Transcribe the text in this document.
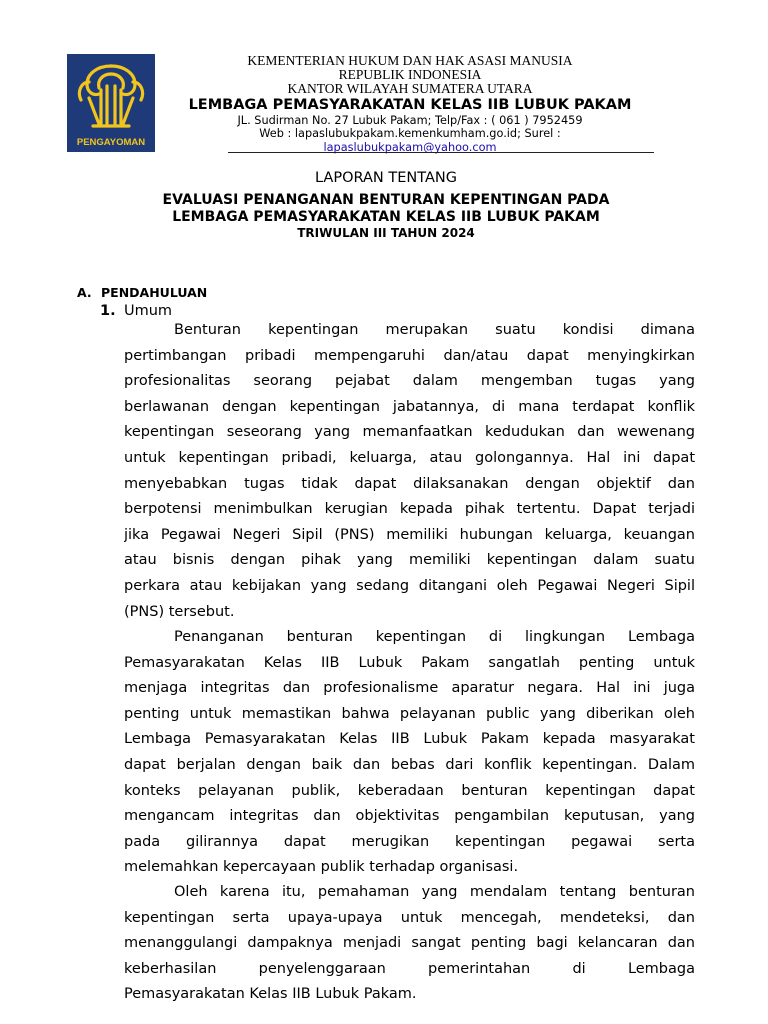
PENGAYOMAN
KEMENTERIAN HUKUM DAN HAK ASASI MANUSIA
REPUBLIK INDONESIA
KANTOR WILAYAH SUMATERA UTARA
LEMBAGA PEMASYARAKATAN KELAS IIB LUBUK PAKAM
JL. Sudirman No. 27 Lubuk Pakam; Telp/Fax : ( 061 ) 7952459
Web : lapaslubukpakam.kemenkumham.go.id; Surel :
lapaslubukpakam@yahoo.com
LAPORAN TENTANG
EVALUASI PENANGANAN BENTURAN KEPENTINGAN PADA
LEMBAGA PEMASYARAKATAN KELAS IIB LUBUK PAKAM
TRIWULAN III TAHUN 2024
A. PENDAHULUAN
1. Umum
Benturan kepentingan merupakan suatu kondisi dimana
pertimbangan pribadi mempengaruhi dan/atau dapat menyingkirkan
profesionalitas seorang pejabat dalam mengemban tugas yang
berlawanan dengan kepentingan jabatannya, di mana terdapat konflik
kepentingan seseorang yang memanfaatkan kedudukan dan wewenang
untuk kepentingan pribadi, keluarga, atau golongannya. Hal ini dapat
menyebabkan tugas tidak dapat dilaksanakan dengan objektif dan
berpotensi menimbulkan kerugian kepada pihak tertentu. Dapat terjadi
jika Pegawai Negeri Sipil (PNS) memiliki hubungan keluarga, keuangan
atau bisnis dengan pihak yang memiliki kepentingan dalam suatu
perkara atau kebijakan yang sedang ditangani oleh Pegawai Negeri Sipil
(PNS) tersebut.
Penanganan benturan kepentingan di lingkungan Lembaga
Pemasyarakatan Kelas IIB Lubuk Pakam sangatlah penting untuk
menjaga integritas dan profesionalisme aparatur negara. Hal ini juga
penting untuk memastikan bahwa pelayanan public yang diberikan oleh
Lembaga Pemasyarakatan Kelas IIB Lubuk Pakam kepada masyarakat
dapat berjalan dengan baik dan bebas dari konflik kepentingan. Dalam
konteks pelayanan publik, keberadaan benturan kepentingan dapat
mengancam integritas dan objektivitas pengambilan keputusan, yang
pada gilirannya dapat merugikan kepentingan pegawai serta
melemahkan kepercayaan publik terhadap organisasi.
Oleh karena itu, pemahaman yang mendalam tentang benturan
kepentingan serta upaya-upaya untuk mencegah, mendeteksi, dan
menanggulangi dampaknya menjadi sangat penting bagi kelancaran dan
keberhasilan penyelenggaraan pemerintahan di Lembaga
Pemasyarakatan Kelas IIB Lubuk Pakam.
